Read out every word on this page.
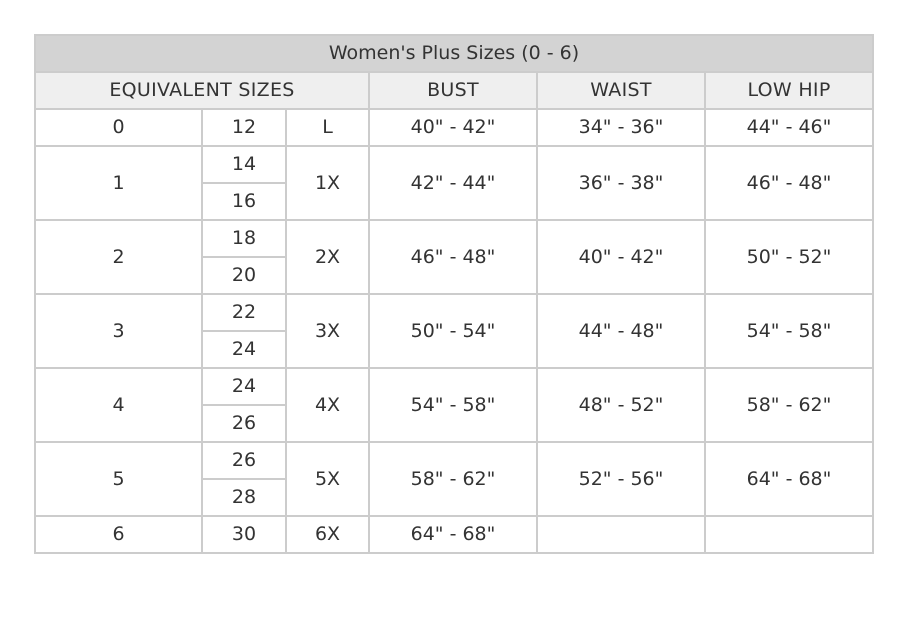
Women's Plus Sizes (0 - 6)					
EQUIVALENT SIZES			BUST	WAIST	LOW HIP
0	12	L	40" - 42"	34" - 36"	44" - 46"
1	14	1X	42" - 44"	36" - 38"	46" - 48"
	16				
2	18	2X	46" - 48"	40" - 42"	50" - 52"
	20				
3	22	3X	50" - 54"	44" - 48"	54" - 58"
	24				
4	24	4X	54" - 58"	48" - 52"	58" - 62"
	26				
5	26	5X	58" - 62"	52" - 56"	64" - 68"
	28				
6	30	6X	64" - 68"		
